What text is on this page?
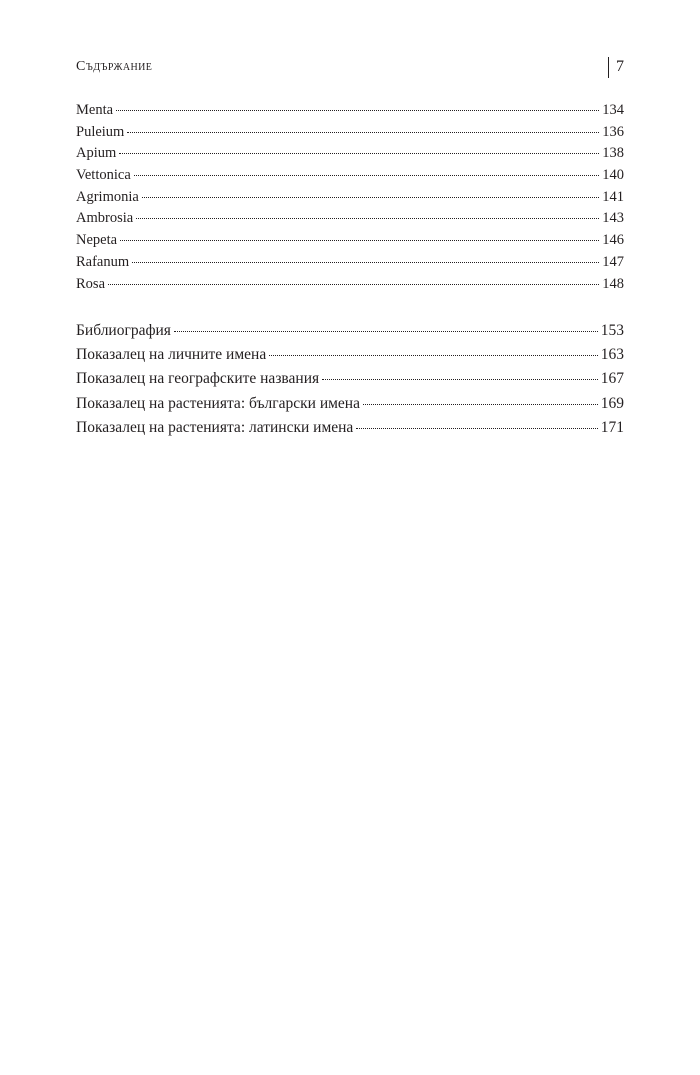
Съдържание	7
Menta	134
Puleium	136
Apium	138
Vettonica	140
Agrimonia	141
Ambrosia	143
Nepeta	146
Rafanum	147
Rosa	148
Библиография	153
Показалец на личните имена	163
Показалец на географските названия	167
Показалец на растенията: български имена	169
Показалец на растенията: латински имена	171
